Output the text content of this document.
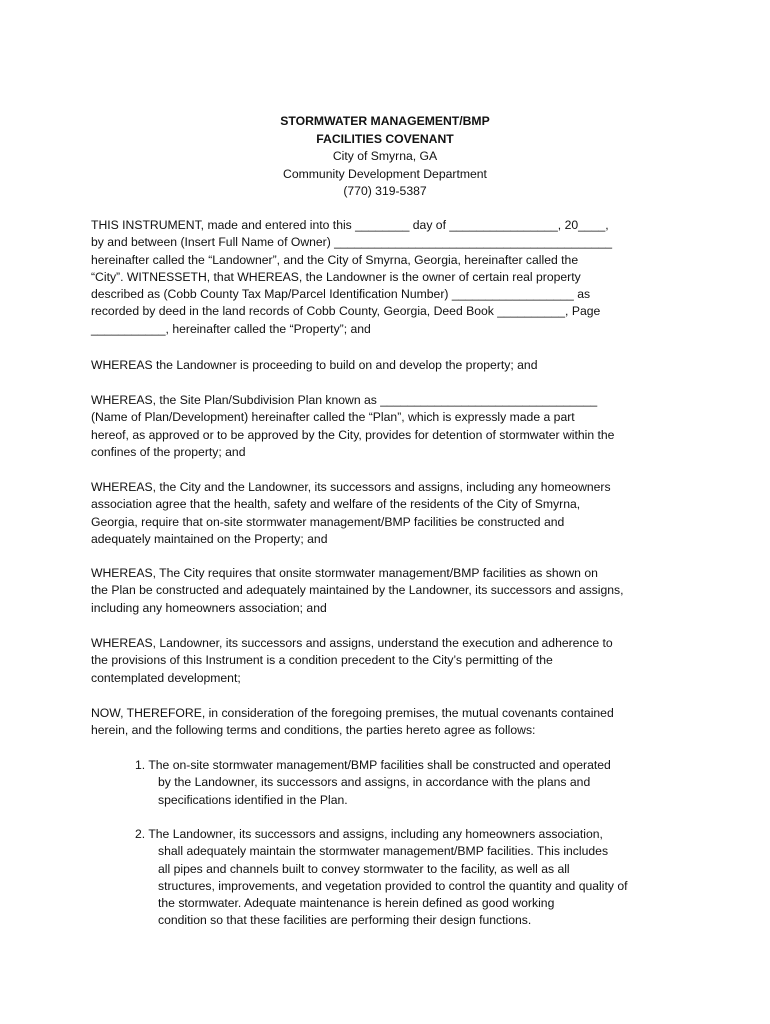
STORMWATER MANAGEMENT/BMP
FACILITIES COVENANT
City of Smyrna, GA
Community Development Department
(770) 319-5387
THIS INSTRUMENT, made and entered into this ________ day of ________________, 20____,
by and between (Insert Full Name of Owner) _________________________________________
hereinafter called the “Landowner”, and the City of Smyrna, Georgia, hereinafter called the
“City”. WITNESSETH, that WHEREAS, the Landowner is the owner of certain real property
described as (Cobb County Tax Map/Parcel Identification Number) __________________ as
recorded by deed in the land records of Cobb County, Georgia, Deed Book __________, Page
___________, hereinafter called the “Property”; and
WHEREAS the Landowner is proceeding to build on and develop the property; and
WHEREAS, the Site Plan/Subdivision Plan known as ________________________________
(Name of Plan/Development) hereinafter called the “Plan”, which is expressly made a part
hereof, as approved or to be approved by the City, provides for detention of stormwater within the
confines of the property; and
WHEREAS, the City and the Landowner, its successors and assigns, including any homeowners
association agree that the health, safety and welfare of the residents of the City of Smyrna,
Georgia, require that on-site stormwater management/BMP facilities be constructed and
adequately maintained on the Property; and
WHEREAS, The City requires that onsite stormwater management/BMP facilities as shown on
the Plan be constructed and adequately maintained by the Landowner, its successors and assigns,
including any homeowners association; and
WHEREAS, Landowner, its successors and assigns, understand the execution and adherence to
the provisions of this Instrument is a condition precedent to the City’s permitting of the
contemplated development;
NOW, THEREFORE, in consideration of the foregoing premises, the mutual covenants contained
herein, and the following terms and conditions, the parties hereto agree as follows:
1. The on-site stormwater management/BMP facilities shall be constructed and operated
by the Landowner, its successors and assigns, in accordance with the plans and
specifications identified in the Plan.
2. The Landowner, its successors and assigns, including any homeowners association,
shall adequately maintain the stormwater management/BMP facilities. This includes
all pipes and channels built to convey stormwater to the facility, as well as all
structures, improvements, and vegetation provided to control the quantity and quality of
the stormwater. Adequate maintenance is herein defined as good working
condition so that these facilities are performing their design functions.
